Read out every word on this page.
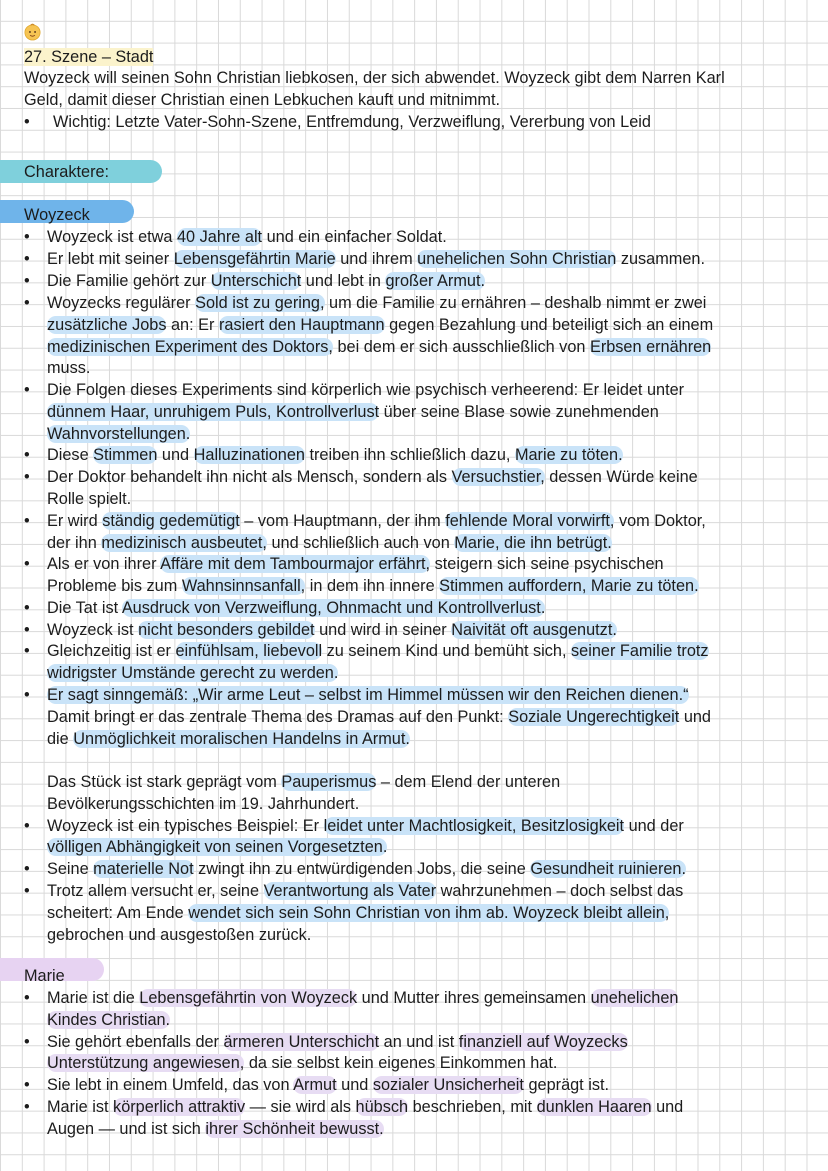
27. Szene – Stadt
Woyzeck will seinen Sohn Christian liebkosen, der sich abwendet. Woyzeck gibt dem Narren Karl
Geld, damit dieser Christian einen Lebkuchen kauft und mitnimmt.
•
Wichtig: Letzte Vater-Sohn-Szene, Entfremdung, Verzweiflung, Vererbung von Leid
Charaktere:
Woyzeck
•
Woyzeck ist etwa 40 Jahre alt und ein einfacher Soldat.
•
Er lebt mit seiner Lebensgefährtin Marie und ihrem unehelichen Sohn Christian zusammen.
•
Die Familie gehört zur Unterschicht und lebt in großer Armut.
•
Woyzecks regulärer Sold ist zu gering, um die Familie zu ernähren – deshalb nimmt er zwei
zusätzliche Jobs an: Er rasiert den Hauptmann gegen Bezahlung und beteiligt sich an einem
medizinischen Experiment des Doktors, bei dem er sich ausschließlich von Erbsen ernähren
muss.
•
Die Folgen dieses Experiments sind körperlich wie psychisch verheerend: Er leidet unter
dünnem Haar, unruhigem Puls, Kontrollverlust über seine Blase sowie zunehmenden
Wahnvorstellungen.
•
Diese Stimmen und Halluzinationen treiben ihn schließlich dazu, Marie zu töten.
•
Der Doktor behandelt ihn nicht als Mensch, sondern als Versuchstier, dessen Würde keine
Rolle spielt.
•
Er wird ständig gedemütigt – vom Hauptmann, der ihm fehlende Moral vorwirft, vom Doktor,
der ihn medizinisch ausbeutet, und schließlich auch von Marie, die ihn betrügt.
•
Als er von ihrer Affäre mit dem Tambourmajor erfährt, steigern sich seine psychischen
Probleme bis zum Wahnsinnsanfall, in dem ihn innere Stimmen auffordern, Marie zu töten.
•
Die Tat ist Ausdruck von Verzweiflung, Ohnmacht und Kontrollverlust.
•
Woyzeck ist nicht besonders gebildet und wird in seiner Naivität oft ausgenutzt.
•
Gleichzeitig ist er einfühlsam, liebevoll zu seinem Kind und bemüht sich, seiner Familie trotz
widrigster Umstände gerecht zu werden.
•
Er sagt sinngemäß: „Wir arme Leut – selbst im Himmel müssen wir den Reichen dienen.“
Damit bringt er das zentrale Thema des Dramas auf den Punkt: Soziale Ungerechtigkeit und
die Unmöglichkeit moralischen Handelns in Armut.
Das Stück ist stark geprägt vom Pauperismus – dem Elend der unteren
Bevölkerungsschichten im 19. Jahrhundert.
•
Woyzeck ist ein typisches Beispiel: Er leidet unter Machtlosigkeit, Besitzlosigkeit und der
völligen Abhängigkeit von seinen Vorgesetzten.
•
Seine materielle Not zwingt ihn zu entwürdigenden Jobs, die seine Gesundheit ruinieren.
•
Trotz allem versucht er, seine Verantwortung als Vater wahrzunehmen – doch selbst das
scheitert: Am Ende wendet sich sein Sohn Christian von ihm ab. Woyzeck bleibt allein,
gebrochen und ausgestoßen zurück.
Marie
•
Marie ist die Lebensgefährtin von Woyzeck und Mutter ihres gemeinsamen unehelichen
Kindes Christian.
•
Sie gehört ebenfalls der ärmeren Unterschicht an und ist finanziell auf Woyzecks
Unterstützung angewiesen, da sie selbst kein eigenes Einkommen hat.
•
Sie lebt in einem Umfeld, das von Armut und sozialer Unsicherheit geprägt ist.
•
Marie ist körperlich attraktiv — sie wird als hübsch beschrieben, mit dunklen Haaren und
Augen — und ist sich ihrer Schönheit bewusst.
